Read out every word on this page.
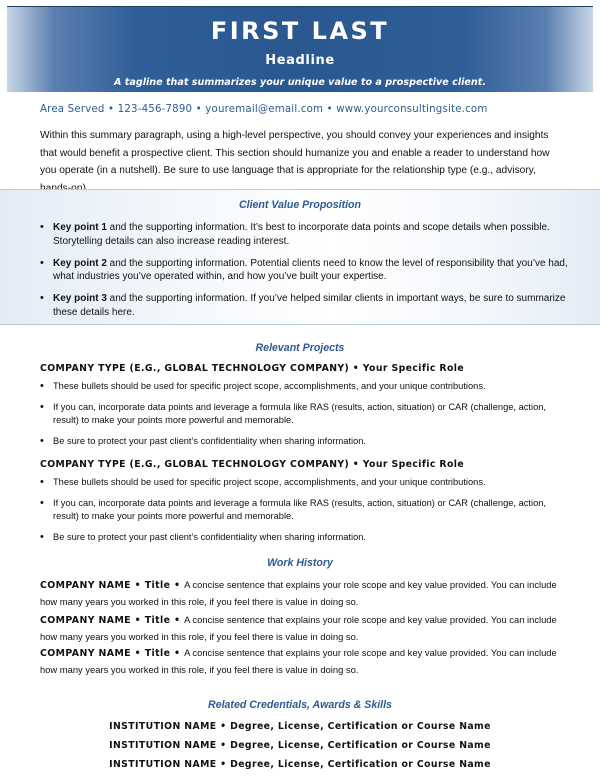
FIRST LAST
Headline
A tagline that summarizes your unique value to a prospective client.
Area Served • 123-456-7890 • youremail@email.com • www.yourconsultingsite.com
Within this summary paragraph, using a high-level perspective, you should convey your experiences and insights that would benefit a prospective client. This section should humanize you and enable a reader to understand how you operate (in a nutshell). Be sure to use language that is appropriate for the relationship type (e.g., advisory,
Client Value Proposition
• Key point 1 and the supporting information. It’s best to incorporate data points and scope details when possible. Storytelling details can also increase reading interest.
• Key point 2 and the supporting information. Potential clients need to know the level of responsibility that you’ve had, what industries you’ve operated within, and how you’ve built your expertise.
• Key point 3 and the supporting information. If you’ve helped similar clients in important ways, be sure to summarize these details here.
Relevant Projects
COMPANY TYPE (E.G., GLOBAL TECHNOLOGY COMPANY) • Your Specific Role
• These bullets should be used for specific project scope, accomplishments, and your unique contributions.
• If you can, incorporate data points and leverage a formula like RAS (results, action, situation) or CAR (challenge, action, result) to make your points more powerful and memorable.
• Be sure to protect your past client’s confidentiality when sharing information.
COMPANY TYPE (E.G., GLOBAL TECHNOLOGY COMPANY) • Your Specific Role
• These bullets should be used for specific project scope, accomplishments, and your unique contributions.
• If you can, incorporate data points and leverage a formula like RAS (results, action, situation) or CAR (challenge, action, result) to make your points more powerful and memorable.
• Be sure to protect your past client’s confidentiality when sharing information.
Work History
COMPANY NAME • Title • A concise sentence that explains your role scope and key value provided. You can include how many years you worked in this role, if you feel there is value in doing so.
COMPANY NAME • Title • A concise sentence that explains your role scope and key value provided. You can include how many years you worked in this role, if you feel there is value in doing so.
COMPANY NAME • Title • A concise sentence that explains your role scope and key value provided. You can include how many years you worked in this role, if you feel there is value in doing so.
Related Credentials, Awards & Skills
INSTITUTION NAME • Degree, License, Certification or Course Name
INSTITUTION NAME • Degree, License, Certification or Course Name
INSTITUTION NAME • Degree, License, Certification or Course Name
